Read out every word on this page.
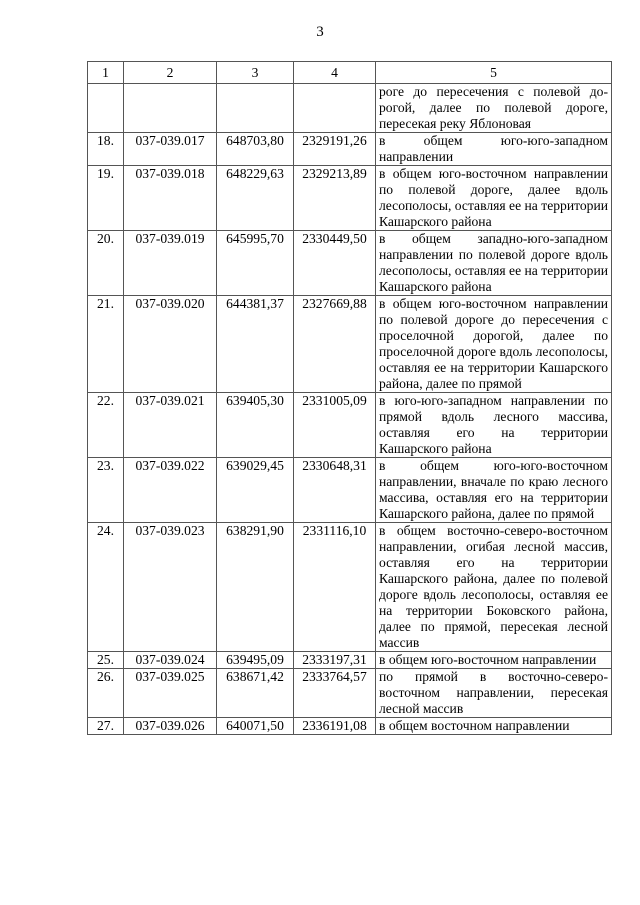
3
1	2	3	4	5
				роге до пересечения с полевой до-рогой, далее по полевой дороге, пересекая реку Яблоновая
18.	037-039.017	648703,80	2329191,26	в общем юго-юго-западном направлении
19.	037-039.018	648229,63	2329213,89	в общем юго-восточном направлении по полевой дороге, далее вдоль лесополосы, оставляя ее на территории Кашарского района
20.	037-039.019	645995,70	2330449,50	в общем западно-юго-западном направлении по полевой дороге вдоль лесополосы, оставляя ее на территории Кашарского района
21.	037-039.020	644381,37	2327669,88	в общем юго-восточном направлении по полевой дороге до пересечения с проселочной дорогой, далее по проселочной дороге вдоль лесополосы, оставляя ее на территории Кашарского района, далее по прямой
22.	037-039.021	639405,30	2331005,09	в юго-юго-западном направлении по прямой вдоль лесного массива, оставляя его на территории Кашарского района
23.	037-039.022	639029,45	2330648,31	в общем юго-юго-восточном направлении, вначале по краю лесного массива, оставляя его на территории Кашарского района, далее по прямой
24.	037-039.023	638291,90	2331116,10	в общем восточно-северо-восточном направлении, огибая лесной массив, оставляя его на территории Кашарского района, далее по полевой дороге вдоль лесополосы, оставляя ее на территории Боковского района, далее по прямой, пересекая лесной массив
25.	037-039.024	639495,09	2333197,31	в общем юго-восточном направлении
26.	037-039.025	638671,42	2333764,57	по прямой в восточно-северо-восточном направлении, пересекая лесной массив
27.	037-039.026	640071,50	2336191,08	в общем восточном направлении
